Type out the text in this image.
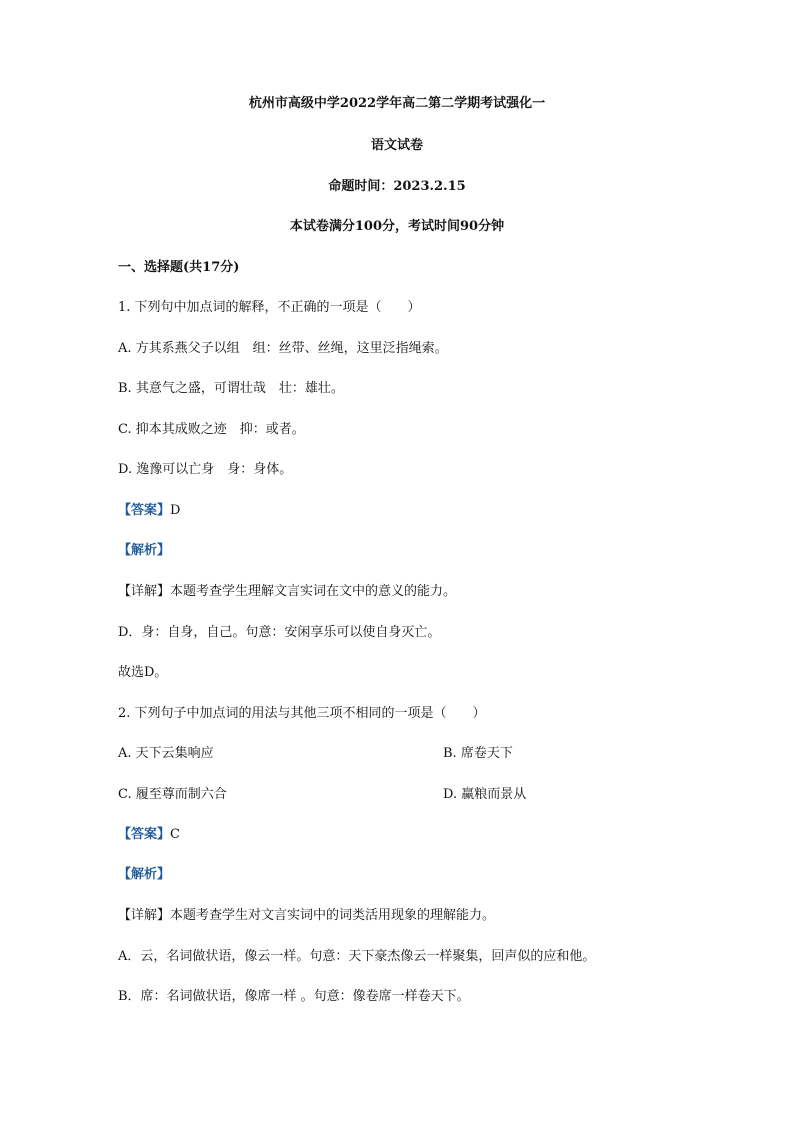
杭州市高级中学2022学年高二第二学期考试强化一
语文试卷
命题时间：2023.2.15
本试卷满分100分，考试时间90分钟
一、选择题(共17分)
1. 下列句中加点词的解释，不正确的一项是（　　）
A. 方其系燕父子以组　组：丝带、丝绳，这里泛指绳索。
B. 其意气之盛，可谓壮哉　壮：雄壮。
C. 抑本其成败之迹　抑：或者。
D. 逸豫可以亡身　身：身体。
【答案】D
【解析】
【详解】本题考查学生理解文言实词在文中的意义的能力。
D．身：自身，自己。句意：安闲享乐可以使自身灭亡。
故选D。
2. 下列句子中加点词的用法与其他三项不相同的一项是（　　）
A. 天下云集响应	B. 席卷天下
C. 履至尊而制六合	D. 赢粮而景从
【答案】C
【解析】
【详解】本题考查学生对文言实词中的词类活用现象的理解能力。
A．云，名词做状语，像云一样。句意：天下豪杰像云一样聚集，回声似的应和他。
B．席：名词做状语，像席一样 。句意：像卷席一样卷天下。
